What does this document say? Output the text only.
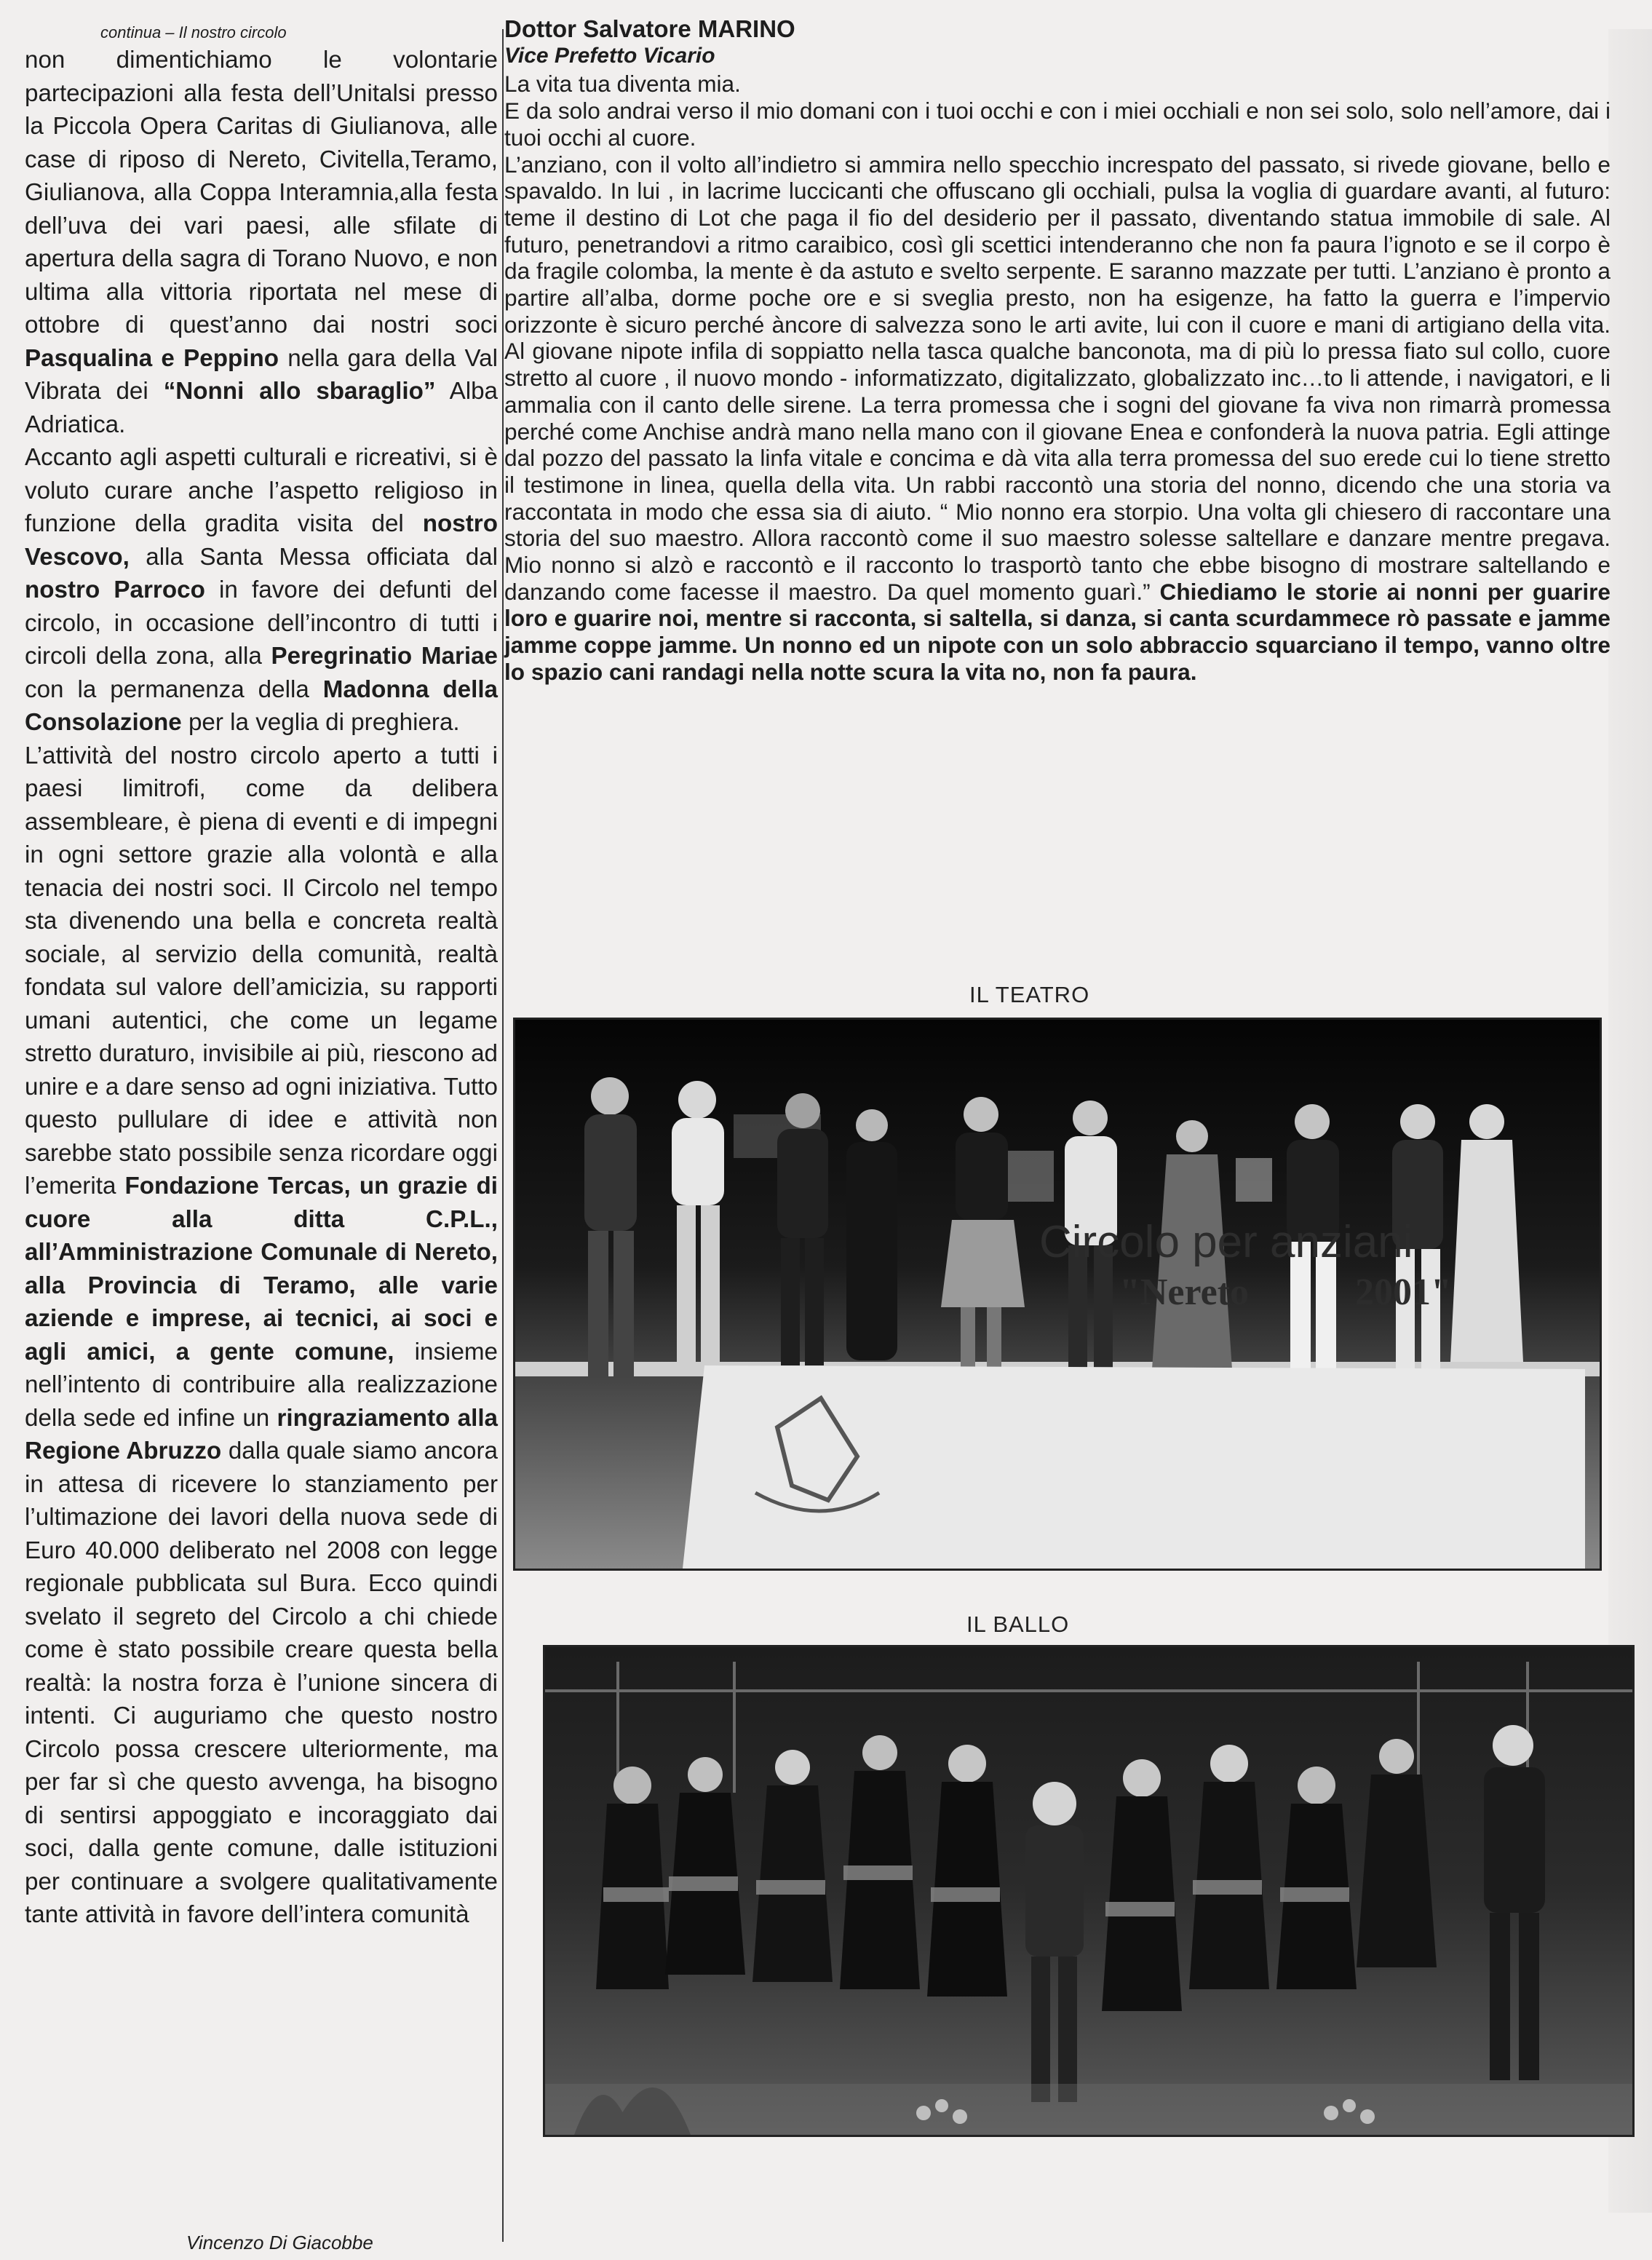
continua – Il nostro circolo

non dimentichiamo le volontarie partecipazioni alla festa dell’Unitalsi presso la Piccola Opera Caritas di Giulianova, alle case di riposo di Nereto, Civitella,Teramo, Giulianova, alla Coppa Interamnia,alla festa dell’uva dei vari paesi, alle sfilate di apertura della sagra di Torano Nuovo, e non ultima alla vittoria riportata nel mese di ottobre di quest’anno dai nostri soci Pasqualina e Peppino nella gara della Val Vibrata dei “Nonni allo sbaraglio” Alba Adriatica.

Accanto agli aspetti culturali e ricreativi, si è voluto curare anche l’aspetto religioso in funzione della gradita visita del nostro Vescovo, alla Santa Messa officiata dal nostro Parroco in favore dei defunti del circolo, in occasione dell’incontro di tutti i circoli della zona, alla Peregrinatio Mariae con la permanenza della Madonna della Consolazione per la veglia di preghiera.

L’attività del nostro circolo aperto a tutti i paesi limitrofi, come da delibera assembleare, è piena di eventi e di impegni in ogni settore grazie alla volontà e alla tenacia dei nostri soci. Il Circolo nel tempo sta divenendo una bella e concreta realtà sociale, al servizio della comunità, realtà fondata sul valore dell’amicizia, su rapporti umani autentici, che come un legame stretto duraturo, invisibile ai più, riescono ad unire e a dare senso ad ogni iniziativa. Tutto questo pullulare di idee e attività non sarebbe stato possibile senza ricordare oggi l’emerita Fondazione Tercas, un grazie di cuore alla ditta C.P.L., all’Amministrazione Comunale di Nereto, alla Provincia di Teramo, alle varie aziende e imprese, ai tecnici, ai soci e agli amici, a gente comune, insieme nell’intento di contribuire alla realizzazione della sede ed infine un ringraziamento alla Regione Abruzzo dalla quale siamo ancora in attesa di ricevere lo stanziamento per l’ultimazione dei lavori della nuova sede di Euro 40.000 deliberato nel 2008 con legge regionale pubblicata sul Bura. Ecco quindi svelato il segreto del Circolo a chi chiede come è stato possibile creare questa bella realtà: la nostra forza è l’unione sincera di intenti. Ci auguriamo che questo nostro Circolo possa crescere ulteriormente, ma per far sì che questo avvenga, ha bisogno di sentirsi appoggiato e incoraggiato dai soci, dalla gente comune, dalle istituzioni per continuare a svolgere qualitativamente tante attività in favore dell’intera comunità

Vincenzo Di Giacobbe
Dottor Salvatore MARINO
Vice Prefetto Vicario

La vita tua diventa mia.

E da solo andrai verso il mio domani con i tuoi occhi e con i miei occhiali e non sei solo, solo nell’amore, dai i tuoi occhi al cuore.

L’anziano, con il volto all’indietro si ammira nello specchio increspato del passato, si rivede giovane, bello e spavaldo. In lui , in lacrime luccicanti che offuscano gli occhiali, pulsa la voglia di guardare avanti, al futuro: teme il destino di Lot che paga il fio del desiderio per il passato, diventando statua immobile di sale. Al futuro, penetrandovi a ritmo caraibico, così gli scettici intenderanno che non fa paura l’ignoto e se il corpo è da fragile colomba, la mente è da astuto e svelto serpente. E saranno mazzate per tutti. L’anziano è pronto a partire all’alba, dorme poche ore e si sveglia presto, non ha esigenze, ha fatto la guerra e l’impervio orizzonte è sicuro perché àncore di salvezza sono le arti avite, lui con il cuore e mani di artigiano della vita. Al giovane nipote infila di soppiatto nella tasca qualche banconota, ma di più lo pressa fiato sul collo, cuore stretto al cuore , il nuovo mondo - informatizzato, digitalizzato, globalizzato inc…to li attende, i navigatori, e li ammalia con il canto delle sirene. La terra promessa che i sogni del giovane fa viva non rimarrà promessa perché come Anchise andrà mano nella mano con il giovane Enea e confonderà la nuova patria. Egli attinge dal pozzo del passato la linfa vitale e concima e dà vita alla terra promessa del suo erede cui lo tiene stretto il testimone in linea, quella della vita. Un rabbi raccontò una storia del nonno, dicendo che una storia va raccontata in modo che essa sia di aiuto. “ Mio nonno era storpio. Una volta gli chiesero di raccontare una storia del suo maestro. Allora raccontò come il suo maestro solesse saltellare e danzare mentre pregava. Mio nonno si alzò e raccontò e il racconto lo trasportò tanto che ebbe bisogno di mostrare saltellando e danzando come facesse il maestro. Da quel momento guarì.” Chiediamo le storie ai nonni per guarire loro e guarire noi, mentre si racconta, si saltella, si danza, si canta scurdammece rò passate e jamme jamme coppe jamme. Un nonno ed un nipote con un solo abbraccio squarciano il tempo, vanno oltre lo spazio cani randagi nella notte scura la vita no, non fa paura.

IL TEATRO
Circolo per anziani
"Nereto	2001"
IL BALLO
